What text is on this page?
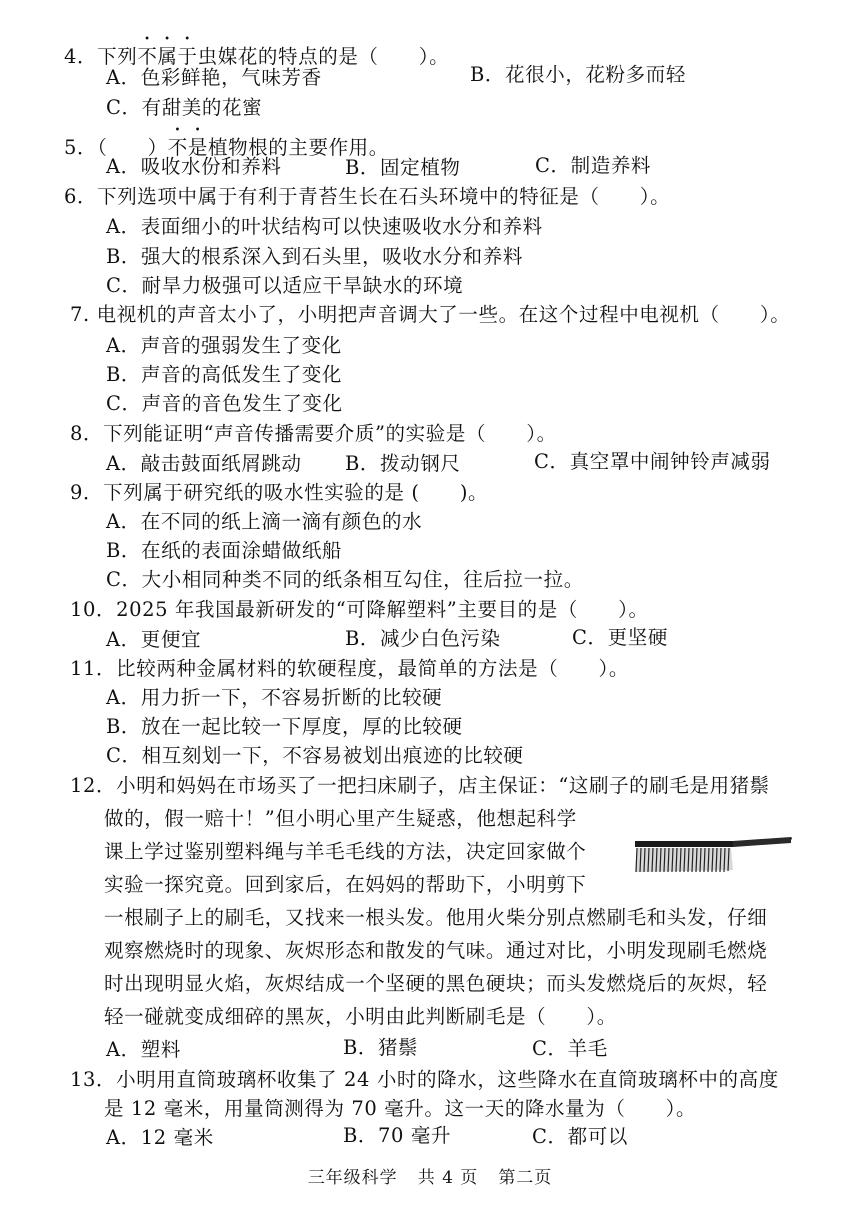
4．下列不属于虫媒花的特点的是（　　）。
A．色彩鲜艳，气味芳香	B．花很小，花粉多而轻
C．有甜美的花蜜
5．（　　）不是植物根的主要作用。
A．吸收水份和养料	B．固定植物	C．制造养料
6．下列选项中属于有利于青苔生长在石头环境中的特征是（　　）。
A．表面细小的叶状结构可以快速吸收水分和养料
B．强大的根系深入到石头里，吸收水分和养料
C．耐旱力极强可以适应干旱缺水的环境
7. 电视机的声音太小了，小明把声音调大了一些。在这个过程中电视机（　　）。
A．声音的强弱发生了变化
B．声音的高低发生了变化
C．声音的音色发生了变化
8．下列能证明“声音传播需要介质”的实验是（　　）。
A．敲击鼓面纸屑跳动 B．拨动钢尺	C．真空罩中闹钟铃声减弱
9．下列属于研究纸的吸水性实验的是 (　　)。
A．在不同的纸上滴一滴有颜色的水
B．在纸的表面涂蜡做纸船
C．大小相同种类不同的纸条相互勾住，往后拉一拉。
10．2025 年我国最新研发的“可降解塑料”主要目的是（　　）。
A．更便宜	B．减少白色污染	C．更坚硬
11．比较两种金属材料的软硬程度，最简单的方法是（　　）。
A．用力折一下，不容易折断的比较硬
B．放在一起比较一下厚度，厚的比较硬
C．相互刻划一下，不容易被划出痕迹的比较硬
12．小明和妈妈在市场买了一把扫床刷子，店主保证：“这刷子的刷毛是用猪鬃
做的，假一赔十！”但小明心里产生疑惑，他想起科学
课上学过鉴别塑料绳与羊毛毛线的方法，决定回家做个
实验一探究竟。回到家后，在妈妈的帮助下，小明剪下
一根刷子上的刷毛，又找来一根头发。他用火柴分别点燃刷毛和头发，仔细
观察燃烧时的现象、灰烬形态和散发的气味。通过对比，小明发现刷毛燃烧
时出现明显火焰，灰烬结成一个坚硬的黑色硬块；而头发燃烧后的灰烬，轻
轻一碰就变成细碎的黑灰，小明由此判断刷毛是（　　）。
A．塑料	B．猪鬃	C．羊毛
13．小明用直筒玻璃杯收集了 24 小时的降水，这些降水在直筒玻璃杯中的高度
是 12 毫米，用量筒测得为 70 毫升。这一天的降水量为（　　）。
A．12 毫米	B．70 毫升	C．都可以
三年级科学 共 4 页 第二页
